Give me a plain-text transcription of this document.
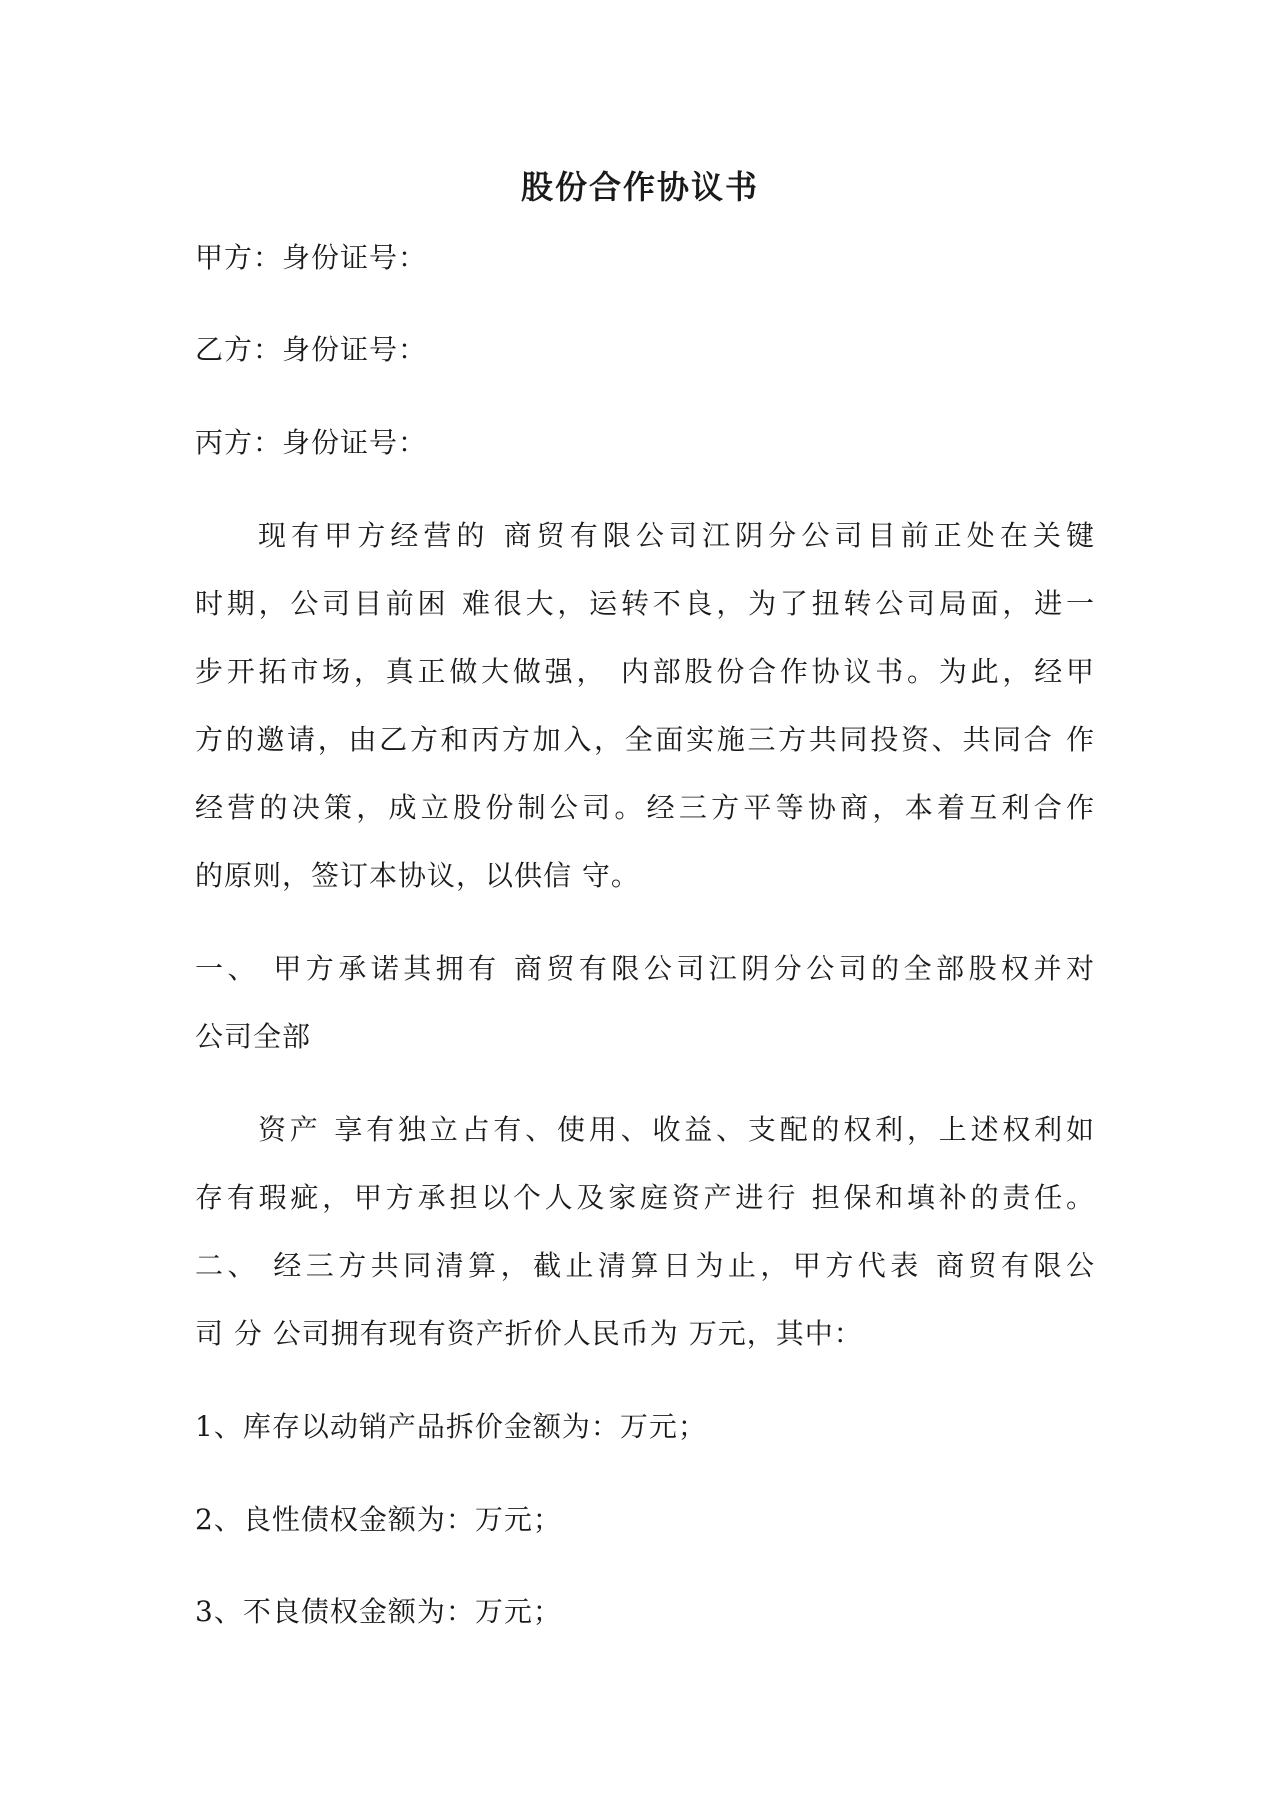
股份合作协议书
甲方：身份证号：
乙方：身份证号：
丙方：身份证号：
现有甲方经营的 商贸有限公司江阴分公司目前正处在关键
时期，公司目前困 难很大，运转不良，为了扭转公司局面，进一
步开拓市场，真正做大做强， 内部股份合作协议书。为此，经甲
方的邀请，由乙方和丙方加入，全面实施三方共同投资、共同合 作
经营的决策，成立股份制公司。经三方平等协商，本着互利合作
的原则，签订本协议，以供信 守。
一、 甲方承诺其拥有 商贸有限公司江阴分公司的全部股权并对
公司全部
资产 享有独立占有、使用、收益、支配的权利，上述权利如
存有瑕疵，甲方承担以个人及家庭资产进行 担保和填补的责任。
二、 经三方共同清算，截止清算日为止，甲方代表 商贸有限公
司 分 公司拥有现有资产折价人民币为 万元，其中：
1、库存以动销产品拆价金额为：万元；
2、良性债权金额为：万元；
3、不良债权金额为：万元；
